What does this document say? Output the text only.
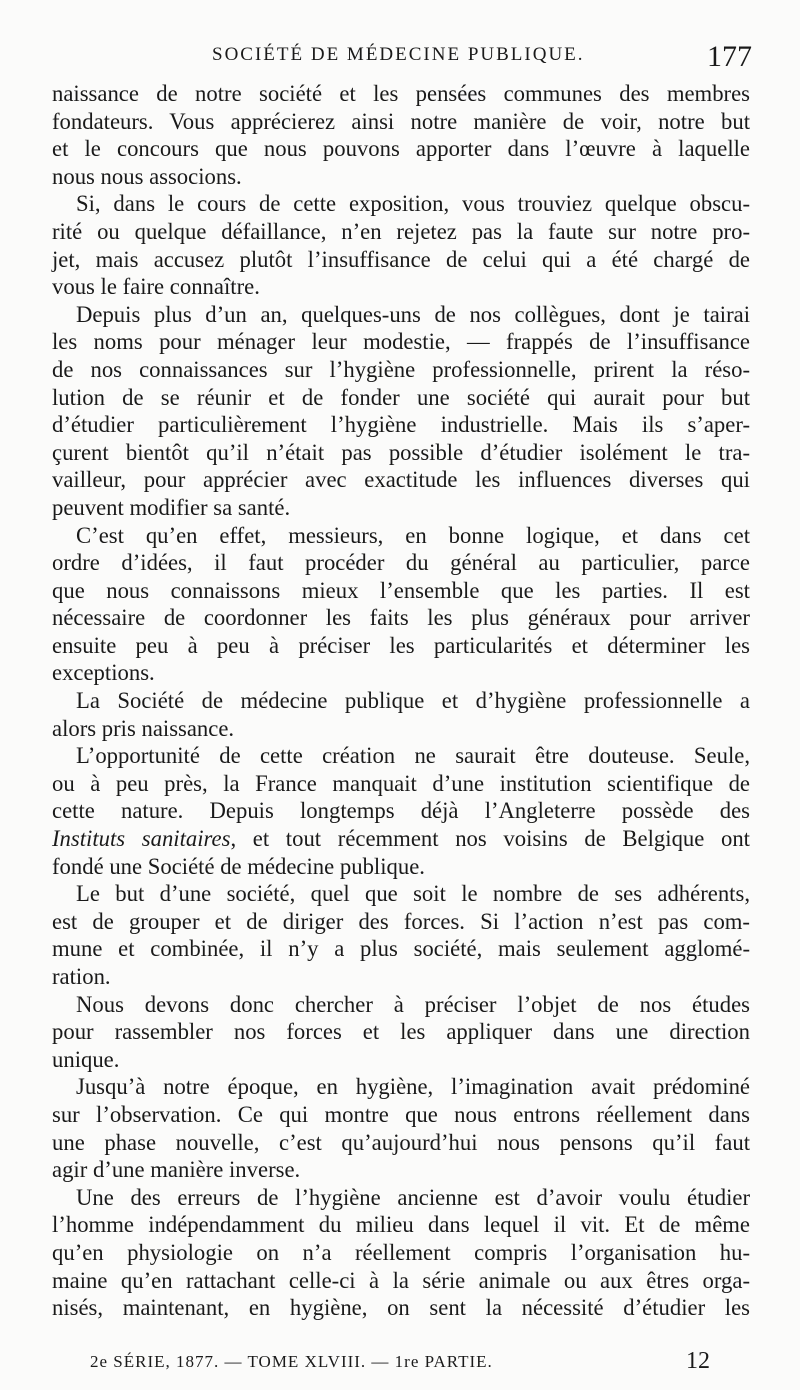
SOCIÉTÉ DE MÉDECINE PUBLIQUE.	177
naissance de notre société et les pensées communes des membres
fondateurs. Vous apprécierez ainsi notre manière de voir, notre but
et le concours que nous pouvons apporter dans l’œuvre à laquelle
nous nous associons.
Si, dans le cours de cette exposition, vous trouviez quelque obscu-
rité ou quelque défaillance, n’en rejetez pas la faute sur notre pro-
jet, mais accusez plutôt l’insuffisance de celui qui a été chargé de
vous le faire connaître.
Depuis plus d’un an, quelques-uns de nos collègues, dont je tairai
les noms pour ménager leur modestie, — frappés de l’insuffisance
de nos connaissances sur l’hygiène professionnelle, prirent la réso-
lution de se réunir et de fonder une société qui aurait pour but
d’étudier particulièrement l’hygiène industrielle. Mais ils s’aper-
çurent bientôt qu’il n’était pas possible d’étudier isolément le tra-
vailleur, pour apprécier avec exactitude les influences diverses qui
peuvent modifier sa santé.
C’est qu’en effet, messieurs, en bonne logique, et dans cet
ordre d’idées, il faut procéder du général au particulier, parce
que nous connaissons mieux l’ensemble que les parties. Il est
nécessaire de coordonner les faits les plus généraux pour arriver
ensuite peu à peu à préciser les particularités et déterminer les
exceptions.
La Société de médecine publique et d’hygiène professionnelle a
alors pris naissance.
L’opportunité de cette création ne saurait être douteuse. Seule,
ou à peu près, la France manquait d’une institution scientifique de
cette nature. Depuis longtemps déjà l’Angleterre possède des
Instituts sanitaires, et tout récemment nos voisins de Belgique ont
fondé une Société de médecine publique.
Le but d’une société, quel que soit le nombre de ses adhérents,
est de grouper et de diriger des forces. Si l’action n’est pas com-
mune et combinée, il n’y a plus société, mais seulement agglomé-
ration.
Nous devons donc chercher à préciser l’objet de nos études
pour rassembler nos forces et les appliquer dans une direction
unique.
Jusqu’à notre époque, en hygiène, l’imagination avait prédominé
sur l’observation. Ce qui montre que nous entrons réellement dans
une phase nouvelle, c’est qu’aujourd’hui nous pensons qu’il faut
agir d’une manière inverse.
Une des erreurs de l’hygiène ancienne est d’avoir voulu étudier
l’homme indépendamment du milieu dans lequel il vit. Et de même
qu’en physiologie on n’a réellement compris l’organisation hu-
maine qu’en rattachant celle-ci à la série animale ou aux êtres orga-
nisés, maintenant, en hygiène, on sent la nécessité d’étudier les
2e SÉRIE, 1877. — TOME XLVIII. — 1re PARTIE.	12
